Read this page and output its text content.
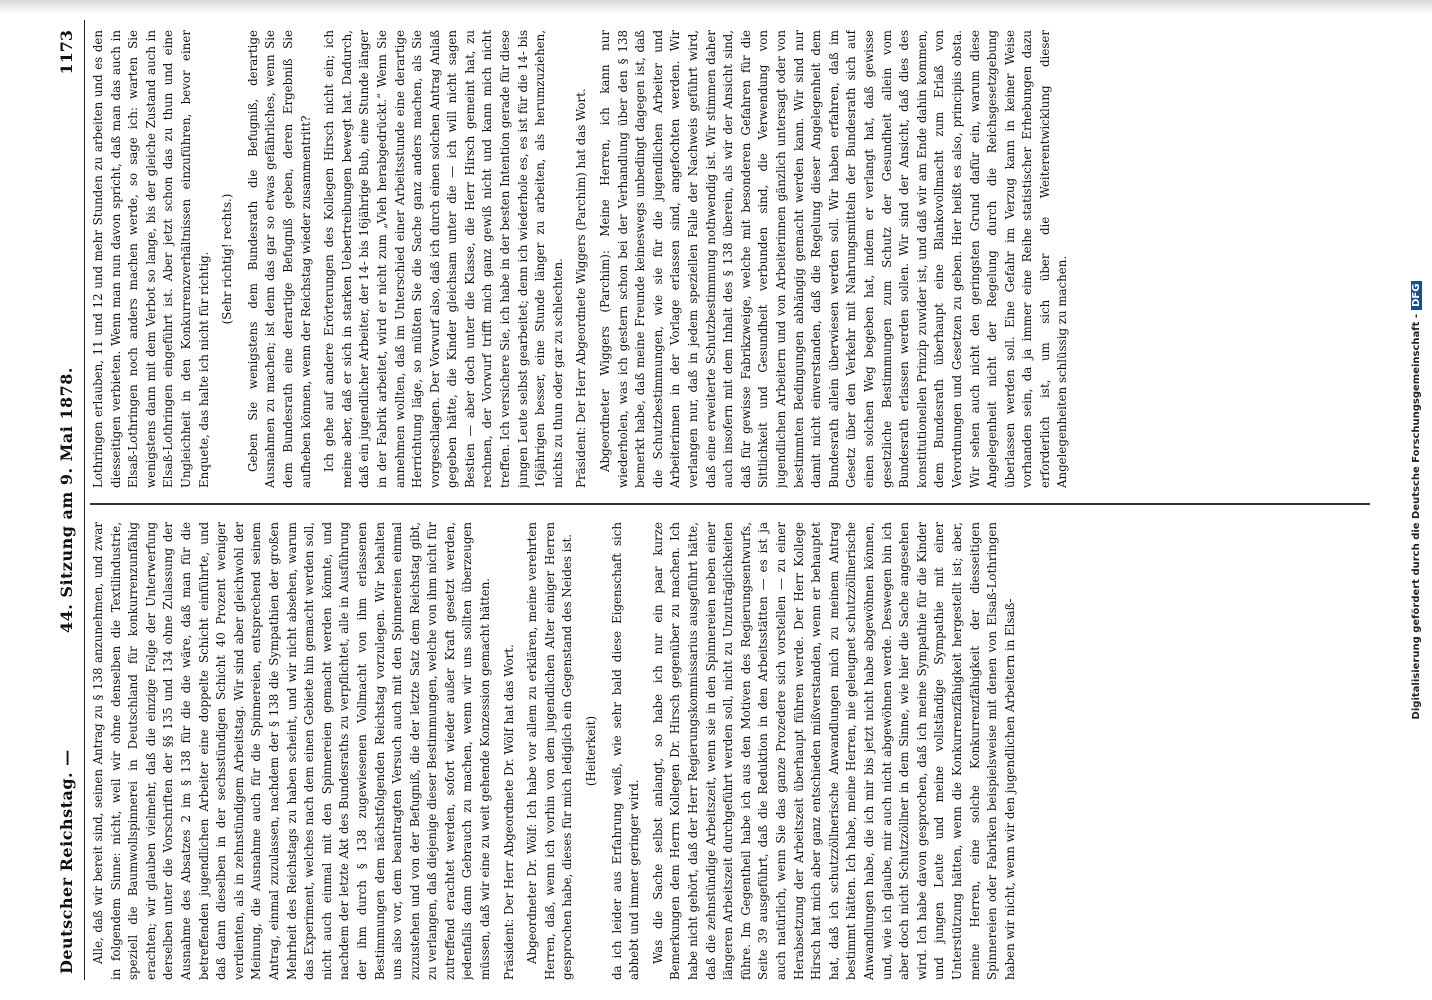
Deutscher Reichstag. —
44. Sitzung am 9. Mai 1878.
1173

Alle, daß wir bereit sind, seinen Antrag zu § 138 anzunehmen, und zwar in folgendem Sinne: nicht, weil wir ohne denselben die Textilindustrie, speziell die Baumwollspinnerei in Deutschland für konkurrenzunfähig erachten; wir glauben vielmehr, daß die einzige Folge der Unterwerfung derselben unter die Vorschriften der §§ 135 und 134 ohne Zulassung der Ausnahme des Absatzes 2 im § 138 für die die wäre, daß man für die betreffenden jugendlichen Arbeiter eine doppelte Schicht einführte, und daß dann dieselben in der sechsstündigen Schicht 40 Prozent weniger verdienten, als in zehnstündigem Arbeitstag. Wir sind aber gleichwohl der Meinung, die Ausnahme auch für die Spinnereien, entsprechend seinem Antrag, einmal zuzulassen, nachdem der § 138 die Sympathien der großen Mehrheit des Reichstags zu haben scheint, und wir nicht absehen, warum das Experiment, welches nach dem einen Gebiete hin gemacht werden soll, nicht auch einmal mit den Spinnereien gemacht werden könnte, und nachdem der letzte Akt des Bundesraths zu verpflichtet, alle in Ausführung der ihm durch § 138 zugewiesenen Vollmacht von ihm erlassenen Bestimmungen dem nächstfolgenden Reichstag vorzulegen. Wir behalten uns also vor, dem beantragten Versuch auch mit den Spinnereien einmal zuzustehen und von der Befugniß, die der letzte Satz dem Reichstag gibt, zu verlangen, daß diejenige dieser Bestimmungen, welche von ihm nicht für zutreffend erachtet werden, sofort wieder außer Kraft gesetzt werden, jedenfalls dann Gebrauch zu machen, wenn wir uns sollten überzeugen müssen, daß wir eine zu weit gehende Konzession gemacht hätten. Präsident: Der Herr Abgeordnete Dr. Wölf hat das Wort. Abgeordneter Dr. Wölf: Ich habe vor allem zu erklären, meine verehrten Herren, daß, wenn ich vorhin von dem jugendlichen Alter einiger Herren gesprochen habe, dieses für mich lediglich ein Gegenstand des Neides ist. (Heiterkeit) da ich leider aus Erfahrung weiß, wie sehr bald diese Eigenschaft sich abhebt und immer geringer wird. Was die Sache selbst anlangt, so habe ich nur ein paar kurze Bemerkungen dem Herrn Kollegen Dr. Hirsch gegenüber zu machen. Ich habe nicht gehört, daß der Herr Regierungskommissarius ausgeführt hätte, daß die zehnstündige Arbeitszeit, wenn sie in den Spinnereien neben einer längeren Arbeitszeit durchgeführt werden soll, nicht zu Unzuträglichkeiten führe. Im Gegentheil habe ich aus den Motiven des Regierungsentwurfs, Seite 39 ausgeführt, daß die Reduktion in den Arbeitsstätten — es ist ja auch natürlich, wenn Sie das ganze Prozedere sich vorstellen — zu einer Herabsetzung der Arbeitszeit überhaupt führen werde. Der Herr Kollege Hirsch hat mich aber ganz entschieden mißverstanden, wenn er behauptet hat, daß ich schutzzöllnerische Anwandlungen mich zu meinem Antrag bestimmt hätten. Ich habe, meine Herren, nie geleugnet schutzzöllnerische Anwandlungen habe, die ich mir bis jetzt nicht habe abgewöhnen können, und, wie ich glaube, mir auch nicht abgewöhnen werde. Deswegen bin ich aber doch nicht Schutzzöllner in dem Sinne, wie hier die Sache angesehen wird. Ich habe davon gesprochen, daß ich meine Sympathie für die Kinder und jungen Leute und meine vollständige Sympathie mit einer Unterstützung hätten, wenn die Konkurrenzfähigkeit hergestellt ist; aber, meine Herren, eine solche Konkurrenzfähigkeit der diesseitigen Spinnereien oder Fabriken beispielsweise mit denen von Elsaß-Lothringen haben wir nicht, wenn wir den jugendlichen Arbeitern in Elsaß-

Lothringen erlauben, 11 und 12 und mehr Stunden zu arbeiten und es den diesseitigen verbieten. Wenn man nun davon spricht, daß man das auch in Elsaß-Lothringen noch anders machen werde, so sage ich: warten Sie wenigstens dann mit dem Verbot so lange, bis der gleiche Zustand auch in Elsaß-Lothringen eingeführt ist. Aber jetzt schon das zu thun und eine Ungleichheit in den Konkurrenzverhältnissen einzuführen, bevor einer Enquete, das halte ich nicht für richtig. (Sehr richtig! rechts.) Geben Sie wenigstens dem Bundesrath die Befugniß, derartige Ausnahmen zu machen; ist denn das gar so etwas gefährliches, wenn Sie dem Bundesrath eine derartige Befugniß geben, deren Ergebniß Sie aufheben können, wenn der Reichstag wieder zusammentritt? Ich gehe auf andere Erörterungen des Kollegen Hirsch nicht ein; ich meine aber, daß er sich in starken Uebertreibungen bewegt hat. Dadurch, daß ein jugendlicher Arbeiter, der 14- bis 16jährige Bub, eine Stunde länger in der Fabrik arbeitet, wird er nicht zum „Vieh herabgedrückt.“ Wenn Sie annehmen wollten, daß im Unterschied einer Arbeitsstunde eine derartige Herrichtung läge, so müßten Sie die Sache ganz anders machen, als Sie vorgeschlagen. Der Vorwurf also, daß ich durch einen solchen Antrag Anlaß gegeben hätte, die Kinder gleichsam unter die — ich will nicht sagen Bestien — aber doch unter die Klasse, die Herr Hirsch gemeint hat, zu rechnen, der Vorwurf trifft mich ganz gewiß nicht und kann mich nicht treffen. Ich versichere Sie, ich habe in der besten Intention gerade für diese jungen Leute selbst gearbeitet; denn ich wiederhole es, es ist für die 14- bis 16jährigen besser, eine Stunde länger zu arbeiten, als herumzuziehen, nichts zu thun oder gar zu schlechten. Präsident: Der Herr Abgeordnete Wiggers (Parchim) hat das Wort. Abgeordneter Wiggers (Parchim): Meine Herren, ich kann nur wiederholen, was ich gestern schon bei der Verhandlung über den § 138 bemerkt habe, daß meine Freunde keineswegs unbedingt dagegen ist, daß die Schutzbestimmungen, wie sie für die jugendlichen Arbeiter und Arbeiterinnen in der Vorlage erlassen sind, angefochten werden. Wir verlangen nur, daß in jedem speziellen Falle der Nachweis geführt wird, daß eine erweiterte Schutzbestimmung nothwendig ist. Wir stimmen daher auch insofern mit dem Inhalt des § 138 überein, als wir der Ansicht sind, daß für gewisse Fabrikzweige, welche mit besonderen Gefahren für die Sittlichkeit und Gesundheit verbunden sind, die Verwendung von jugendlichen Arbeitern und von Arbeiterinnen gänzlich untersagt oder von bestimmten Bedingungen abhängig gemacht werden kann. Wir sind nur damit nicht einverstanden, daß die Regelung dieser Angelegenheit dem Bundesrath allein überwiesen werden soll. Wir haben erfahren, daß im Gesetz über den Verkehr mit Nahrungsmitteln der Bundesrath sich auf einen solchen Weg begeben hat, indem er verlangt hat, daß gewisse gesetzliche Bestimmungen zum Schutz der Gesundheit allein vom Bundesrath erlassen werden sollen. Wir sind der Ansicht, daß dies des konstitutionellen Prinzip zuwider ist, und daß wir am Ende dahin kommen, dem Bundesrath überhaupt eine Blankovollmacht zum Erlaß von Verordnungen und Gesetzen zu geben. Hier heißt es also, principiis obsta. Wir sehen auch nicht den geringsten Grund dafür ein, warum diese Angelegenheit nicht der Regelung durch die Reichsgesetzgebung überlassen werden soll. Eine Gefahr im Verzug kann in keiner Weise vorhanden sein, da ja immer eine Reihe statistischer Erhebungen dazu erforderlich ist, um sich über die Weiterentwicklung dieser Angelegenheiten schlüssig zu machen.	Digitalisierung gefördert durch die Deutsche Forschungsgemeinschaft -DFG
